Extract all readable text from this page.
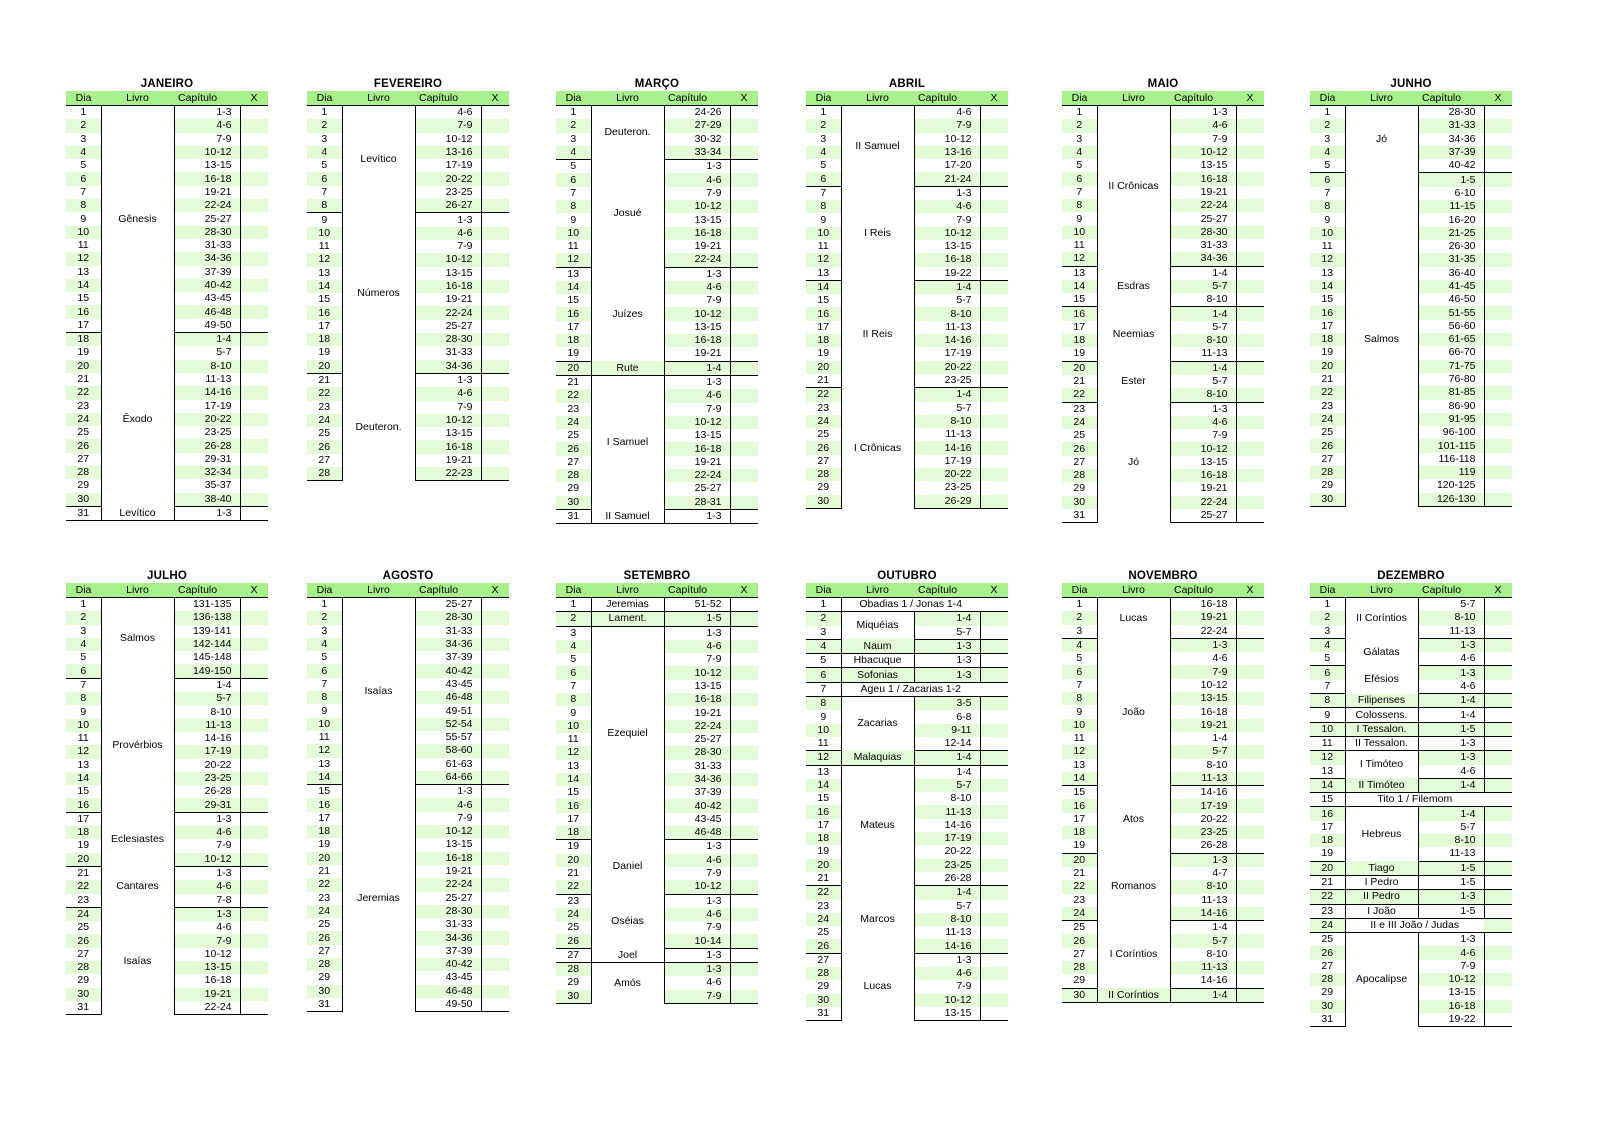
JANEIRO
Dia	Livro	Capítulo	X
1	Gênesis	1-3	
2		4-6	
3		7-9	
4		10-12	
5		13-15	
6		16-18	
7		19-21	
8		22-24	
9		25-27	
10		28-30	
11		31-33	
12		34-36	
13		37-39	
14		40-42	
15		43-45	
16		46-48	
17		49-50	
18	Êxodo	1-4	
19		5-7	
20		8-10	
21		11-13	
22		14-16	
23		17-19	
24		20-22	
25		23-25	
26		26-28	
27		29-31	
28		32-34	
29		35-37	
30		38-40	
31	Levítico	1-3	
FEVEREIRO
Dia	Livro	Capítulo	X
1	Levítico	4-6	
2		7-9	
3		10-12	
4		13-16	
5		17-19	
6		20-22	
7		23-25	
8		26-27	
9	Números	1-3	
10		4-6	
11		7-9	
12		10-12	
13		13-15	
14		16-18	
15		19-21	
16		22-24	
17		25-27	
18		28-30	
19		31-33	
20		34-36	
21	Deuteron.	1-3	
22		4-6	
23		7-9	
24		10-12	
25		13-15	
26		16-18	
27		19-21	
28		22-23	
MARÇO
Dia	Livro	Capítulo	X
1	Deuteron.	24-26	
2		27-29	
3		30-32	
4		33-34	
5	Josué	1-3	
6		4-6	
7		7-9	
8		10-12	
9		13-15	
10		16-18	
11		19-21	
12		22-24	
13	Juízes	1-3	
14		4-6	
15		7-9	
16		10-12	
17		13-15	
18		16-18	
19		19-21	
20	Rute	1-4	
21	I Samuel	1-3	
22		4-6	
23		7-9	
24		10-12	
25		13-15	
26		16-18	
27		19-21	
28		22-24	
29		25-27	
30		28-31	
31	II Samuel	1-3	
ABRIL
Dia	Livro	Capítulo	X
1	II Samuel	4-6	
2		7-9	
3		10-12	
4		13-16	
5		17-20	
6		21-24	
7	I Reis	1-3	
8		4-6	
9		7-9	
10		10-12	
11		13-15	
12		16-18	
13		19-22	
14	II Reis	1-4	
15		5-7	
16		8-10	
17		11-13	
18		14-16	
19		17-19	
20		20-22	
21		23-25	
22	I Crônicas	1-4	
23		5-7	
24		8-10	
25		11-13	
26		14-16	
27		17-19	
28		20-22	
29		23-25	
30		26-29	
MAIO
Dia	Livro	Capítulo	X
1	II Crônicas	1-3	
2		4-6	
3		7-9	
4		10-12	
5		13-15	
6		16-18	
7		19-21	
8		22-24	
9		25-27	
10		28-30	
11		31-33	
12		34-36	
13	Esdras	1-4	
14		5-7	
15		8-10	
16	Neemias	1-4	
17		5-7	
18		8-10	
19		11-13	
20	Ester	1-4	
21		5-7	
22		8-10	
23	Jó	1-3	
24		4-6	
25		7-9	
26		10-12	
27		13-15	
28		16-18	
29		19-21	
30		22-24	
31		25-27	
JUNHO
Dia	Livro	Capítulo	X
1	Jó	28-30	
2		31-33	
3		34-36	
4		37-39	
5		40-42	
6	Salmos	1-5	
7		6-10	
8		11-15	
9		16-20	
10		21-25	
11		26-30	
12		31-35	
13		36-40	
14		41-45	
15		46-50	
16		51-55	
17		56-60	
18		61-65	
19		66-70	
20		71-75	
21		76-80	
22		81-85	
23		86-90	
24		91-95	
25		96-100	
26		101-115	
27		116-118	
28		119	
29		120-125	
30		126-130	
JULHO
Dia	Livro	Capítulo	X
1	Salmos	131-135	
2		136-138	
3		139-141	
4		142-144	
5		145-148	
6		149-150	
7	Provérbios	1-4	
8		5-7	
9		8-10	
10		11-13	
11		14-16	
12		17-19	
13		20-22	
14		23-25	
15		26-28	
16		29-31	
17	Eclesiastes	1-3	
18		4-6	
19		7-9	
20		10-12	
21	Cantares	1-3	
22		4-6	
23		7-8	
24	Isaías	1-3	
25		4-6	
26		7-9	
27		10-12	
28		13-15	
29		16-18	
30		19-21	
31		22-24	
AGOSTO
Dia	Livro	Capítulo	X
1	Isaías	25-27	
2		28-30	
3		31-33	
4		34-36	
5		37-39	
6		40-42	
7		43-45	
8		46-48	
9		49-51	
10		52-54	
11		55-57	
12		58-60	
13		61-63	
14		64-66	
15	Jeremias	1-3	
16		4-6	
17		7-9	
18		10-12	
19		13-15	
20		16-18	
21		19-21	
22		22-24	
23		25-27	
24		28-30	
25		31-33	
26		34-36	
27		37-39	
28		40-42	
29		43-45	
30		46-48	
31		49-50	
SETEMBRO
Dia	Livro	Capítulo	X
1	Jeremias	51-52	
2	Lament.	1-5	
3	Ezequiel	1-3	
4		4-6	
5		7-9	
6		10-12	
7		13-15	
8		16-18	
9		19-21	
10		22-24	
11		25-27	
12		28-30	
13		31-33	
14		34-36	
15		37-39	
16		40-42	
17		43-45	
18		46-48	
19	Daniel	1-3	
20		4-6	
21		7-9	
22		10-12	
23	Oséias	1-3	
24		4-6	
25		7-9	
26		10-14	
27	Joel	1-3	
28	Amós	1-3	
29		4-6	
30		7-9	
OUTUBRO
Dia	Livro	Capítulo	X
1	Obadias 1 / Jonas 1-4		
2	Miquéias	1-4	
3		5-7	
4	Naum	1-3	
5	Hbacuque	1-3	
6	Sofonias	1-3	
7	Ageu 1 / Zacarias 1-2		
8	Zacarias	3-5	
9		6-8	
10		9-11	
11		12-14	
12	Malaquias	1-4	
13	Mateus	1-4	
14		5-7	
15		8-10	
16		11-13	
17		14-16	
18		17-19	
19		20-22	
20		23-25	
21		26-28	
22	Marcos	1-4	
23		5-7	
24		8-10	
25		11-13	
26		14-16	
27	Lucas	1-3	
28		4-6	
29		7-9	
30		10-12	
31		13-15	
NOVEMBRO
Dia	Livro	Capítulo	X
1	Lucas	16-18	
2		19-21	
3		22-24	
4	João	1-3	
5		4-6	
6		7-9	
7		10-12	
8		13-15	
9		16-18	
10		19-21	
11		1-4	
12		5-7	
13		8-10	
14		11-13	
15	Atos	14-16	
16		17-19	
17		20-22	
18		23-25	
19		26-28	
20	Romanos	1-3	
21		4-7	
22		8-10	
23		11-13	
24		14-16	
25	I Coríntios	1-4	
26		5-7	
27		8-10	
28		11-13	
29		14-16	
30	II Coríntios	1-4	
DEZEMBRO
Dia	Livro	Capítulo	X
1	II Coríntios	5-7	
2		8-10	
3		11-13	
4	Gálatas	1-3	
5		4-6	
6	Efésios	1-3	
7		4-6	
8	Filipenses	1-4	
9	Colossens.	1-4	
10	I Tessalon.	1-5	
11	II Tessalon.	1-3	
12	I Timóteo	1-3	
13		4-6	
14	II Timóteo	1-4	
15	Tito 1 / Filemom		
16	Hebreus	1-4	
17		5-7	
18		8-10	
19		11-13	
20	Tiago	1-5	
21	I Pedro	1-5	
22	II Pedro	1-3	
23	I João	1-5	
24	II e III João / Judas		
25	Apocalipse	1-3	
26		4-6	
27		7-9	
28		10-12	
29		13-15	
30		16-18	
31		19-22	
